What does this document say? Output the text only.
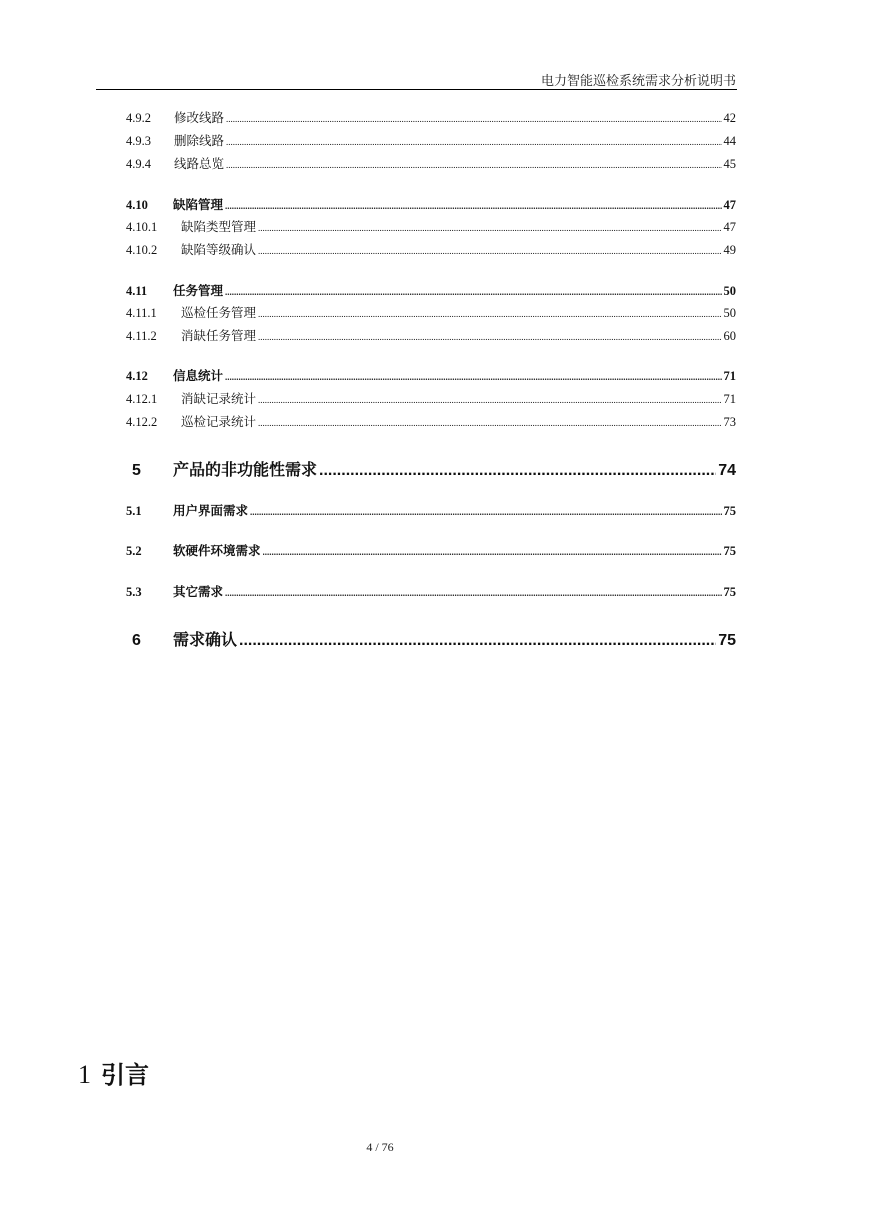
电力智能巡检系统需求分析说明书
4.9.2	修改线路 .....	42
4.9.3	删除线路 .....	44
4.9.4	线路总览 .....	45
4.10	缺陷管理 .....	47
4.10.1	缺陷类型管理 .....	47
4.10.2	缺陷等级确认 .....	49
4.11	任务管理 .....	50
4.11.1	巡检任务管理 .....	50
4.11.2	消缺任务管理 .....	60
4.12	信息统计 .....	71
4.12.1	消缺记录统计 .....	71
4.12.2	巡检记录统计 .....	73
5	产品的非功能性需求 .....	74
5.1	用户界面需求 .....	75
5.2	软硬件环境需求 .....	75
5.3	其它需求 .....	75
6	需求确认 .....	75
1 引言
4 / 76
